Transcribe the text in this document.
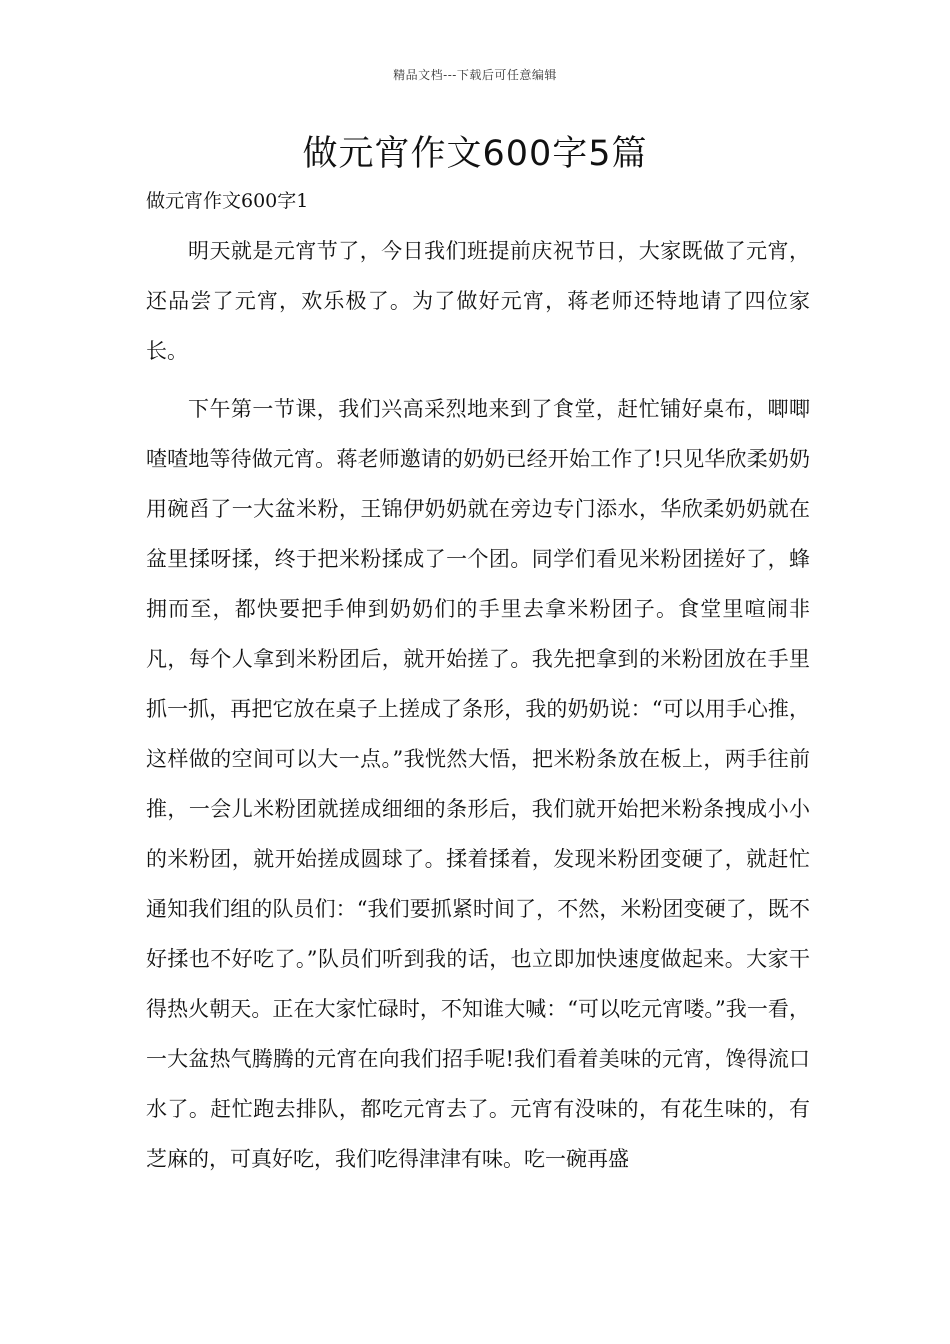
精品文档---下载后可任意编辑
做元宵作文600字5篇
做元宵作文600字1

明天就是元宵节了，今日我们班提前庆祝节日，大家既做了元宵，还品尝了元宵，欢乐极了。为了做好元宵，蒋老师还特地请了四位家长。

下午第一节课，我们兴高采烈地来到了食堂，赶忙铺好桌布，唧唧喳喳地等待做元宵。蒋老师邀请的奶奶已经开始工作了!只见华欣柔奶奶用碗舀了一大盆米粉，王锦伊奶奶就在旁边专门添水，华欣柔奶奶就在盆里揉呀揉，终于把米粉揉成了一个团。同学们看见米粉团搓好了，蜂拥而至，都快要把手伸到奶奶们的手里去拿米粉团子。食堂里喧闹非凡，每个人拿到米粉团后，就开始搓了。我先把拿到的米粉团放在手里抓一抓，再把它放在桌子上搓成了条形，我的奶奶说：“可以用手心推，这样做的空间可以大一点。”我恍然大悟，把米粉条放在板上，两手往前推，一会儿米粉团就搓成细细的条形后，我们就开始把米粉条拽成小小的米粉团，就开始搓成圆球了。揉着揉着，发现米粉团变硬了，就赶忙通知我们组的队员们：“我们要抓紧时间了，不然，米粉团变硬了，既不好揉也不好吃了。”队员们听到我的话，也立即加快速度做起来。大家干得热火朝天。正在大家忙碌时，不知谁大喊：“可以吃元宵喽。”我一看，一大盆热气腾腾的元宵在向我们招手呢!我们看着美味的元宵，馋得流口水了。赶忙跑去排队，都吃元宵去了。元宵有没味的，有花生味的，有芝麻的，可真好吃，我们吃得津津有味。吃一碗再盛
